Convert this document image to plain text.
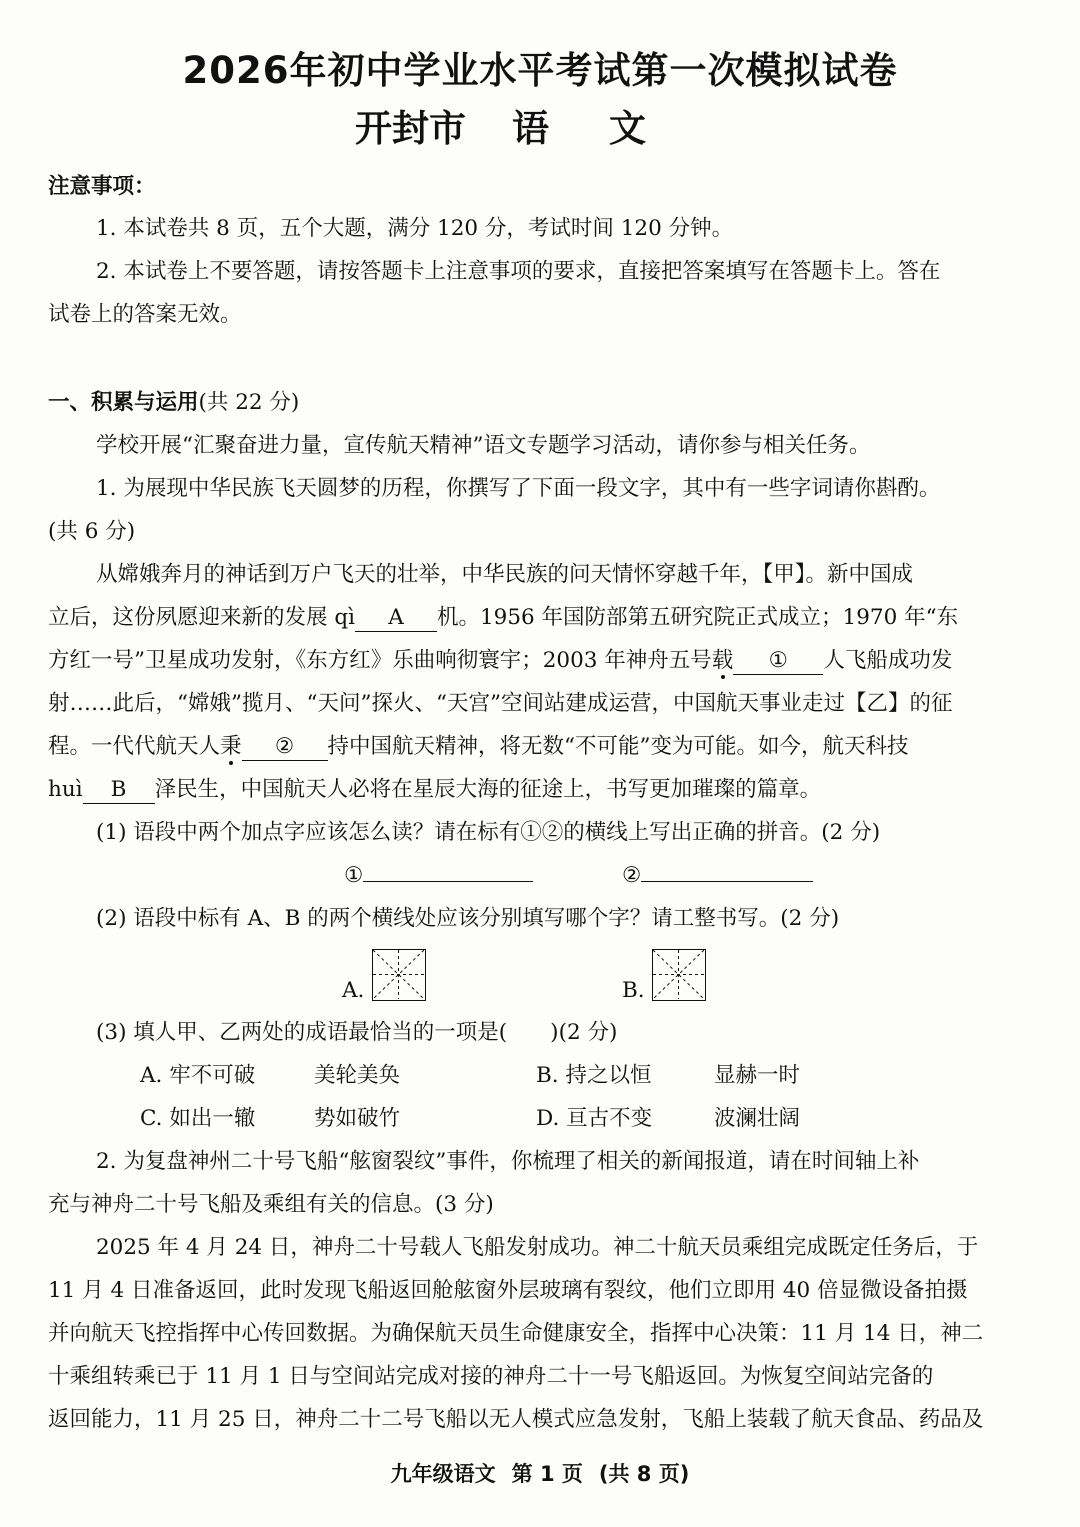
2026年初中学业水平考试第一次模拟试卷
开封市 语 文
注意事项：
1. 本试卷共 8 页，五个大题，满分 120 分，考试时间 120 分钟。
2. 本试卷上不要答题，请按答题卡上注意事项的要求，直接把答案填写在答题卡上。答在
试卷上的答案无效。
一、积累与运用(共 22 分)
学校开展“汇聚奋进力量，宣传航天精神”语文专题学习活动，请你参与相关任务。
1. 为展现中华民族飞天圆梦的历程，你撰写了下面一段文字，其中有一些字词请你斟酌。
(共 6 分)
从嫦娥奔月的神话到万户飞天的壮举，中华民族的问天情怀穿越千年，【甲】。新中国成
立后，这份夙愿迎来新的发展 qì A 机。1956 年国防部第五研究院正式成立；1970 年“东
方红一号”卫星成功发射，《东方红》乐曲响彻寰宇；2003 年神舟五号载 ① 人飞船成功发
射……此后，“嫦娥”揽月、“天问”探火、“天宫”空间站建成运营，中国航天事业走过【乙】的征
程。一代代航天人秉 ② 持中国航天精神，将无数“不可能”变为可能。如今，航天科技
huì B 泽民生，中国航天人必将在星辰大海的征途上，书写更加璀璨的篇章。
(1) 语段中两个加点字应该怎么读？请在标有①②的横线上写出正确的拼音。(2 分)
①	②
(2) 语段中标有 A、B 的两个横线处应该分别填写哪个字？请工整书写。(2 分)
A.	B.
(3) 填人甲、乙两处的成语最恰当的一项是(　　)(2 分)
A. 牢不可破	美轮美奂	B. 持之以恒	显赫一时
C. 如出一辙	势如破竹	D. 亘古不变	波澜壮阔
2. 为复盘神州二十号飞船“舷窗裂纹”事件，你梳理了相关的新闻报道，请在时间轴上补
充与神舟二十号飞船及乘组有关的信息。(3 分)
2025 年 4 月 24 日，神舟二十号载人飞船发射成功。神二十航天员乘组完成既定任务后，于
11 月 4 日准备返回，此时发现飞船返回舱舷窗外层玻璃有裂纹，他们立即用 40 倍显微设备拍摄
并向航天飞控指挥中心传回数据。为确保航天员生命健康安全，指挥中心决策：11 月 14 日，神二
十乘组转乘已于 11 月 1 日与空间站完成对接的神舟二十一号飞船返回。为恢复空间站完备的
返回能力，11 月 25 日，神舟二十二号飞船以无人模式应急发射，飞船上装载了航天食品、药品及
九年级语文 第 1 页 (共 8 页)
